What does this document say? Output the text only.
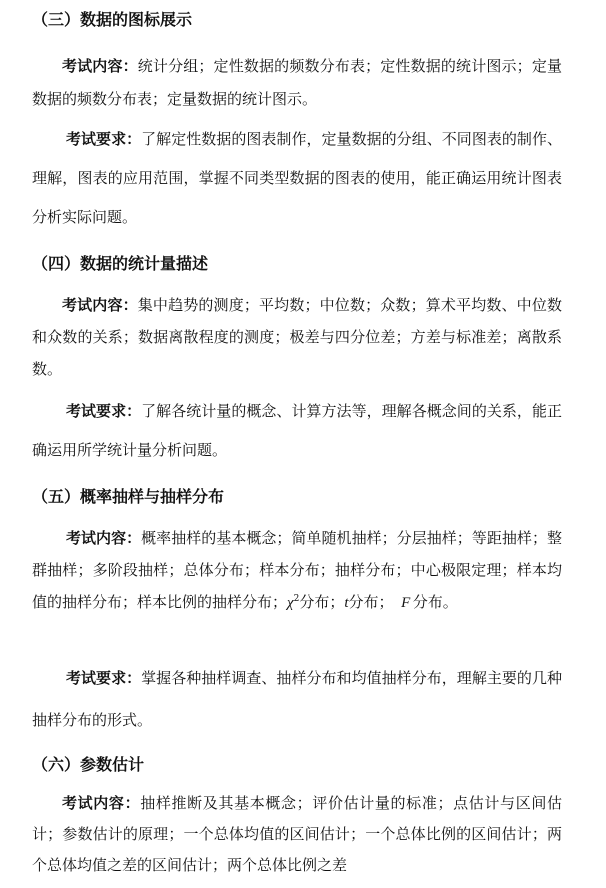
（三）数据的图标展示
考试内容：统计分组；定性数据的频数分布表；定性数据的统计图示；定量数据的频数分布表；定量数据的统计图示。
考试要求：了解定性数据的图表制作，定量数据的分组、不同图表的制作、理解，图表的应用范围，掌握不同类型数据的图表的使用，能正确运用统计图表分析实际问题。
（四）数据的统计量描述
考试内容：集中趋势的测度；平均数；中位数；众数；算术平均数、中位数和众数的关系；数据离散程度的测度；极差与四分位差；方差与标准差；离散系数。
考试要求：了解各统计量的概念、计算方法等，理解各概念间的关系，能正确运用所学统计量分析问题。
（五）概率抽样与抽样分布
考试内容：概率抽样的基本概念；简单随机抽样；分层抽样；等距抽样；整群抽样；多阶段抽样；总体分布；样本分布；抽样分布；中心极限定理；样本均值的抽样分布；样本比例的抽样分布；$\chi^2$分布；t分布；  F  分布。
考试要求：掌握各种抽样调查、抽样分布和均值抽样分布，理解主要的几种抽样分布的形式。
（六）参数估计
考试内容：抽样推断及其基本概念；评价估计量的标准；点估计与区间估计；参数估计的原理；一个总体均值的区间估计；一个总体比例的区间估计；两个总体均值之差的区间估计；两个总体比例之差
